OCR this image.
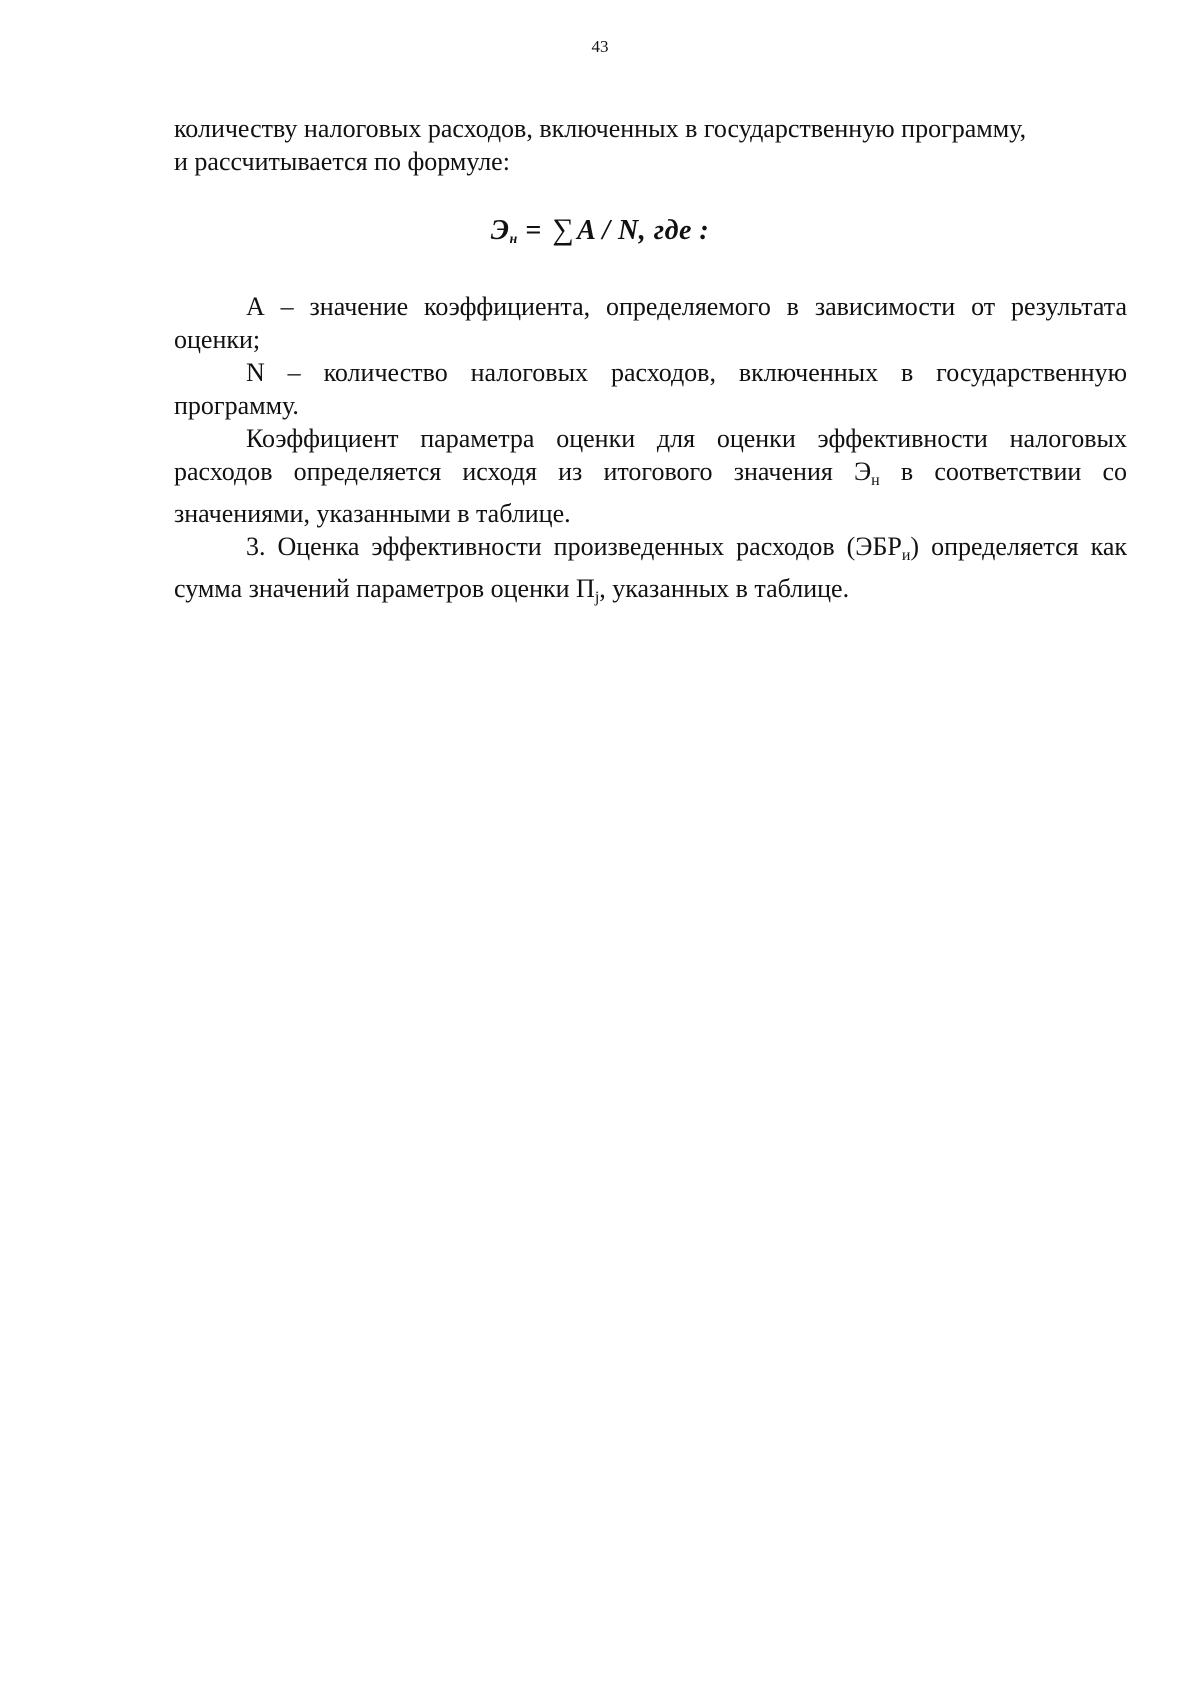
43

количеству налоговых расходов, включенных в государственную программу,

и рассчитывается по формуле:

$Э_н$ = ∑ A / N, где :

А – значение коэффициента, определяемого в зависимости от результата оценки;

N – количество налоговых расходов, включенных в государственную программу.

Коэффициент параметра оценки для оценки эффективности налоговых расходов определяется исходя из итогового значения Эн в соответствии со значениями, указанными в таблице.

3. Оценка эффективности произведенных расходов (ЭБРи) определяется как сумма значений параметров оценки Пj, указанных в таблице.
